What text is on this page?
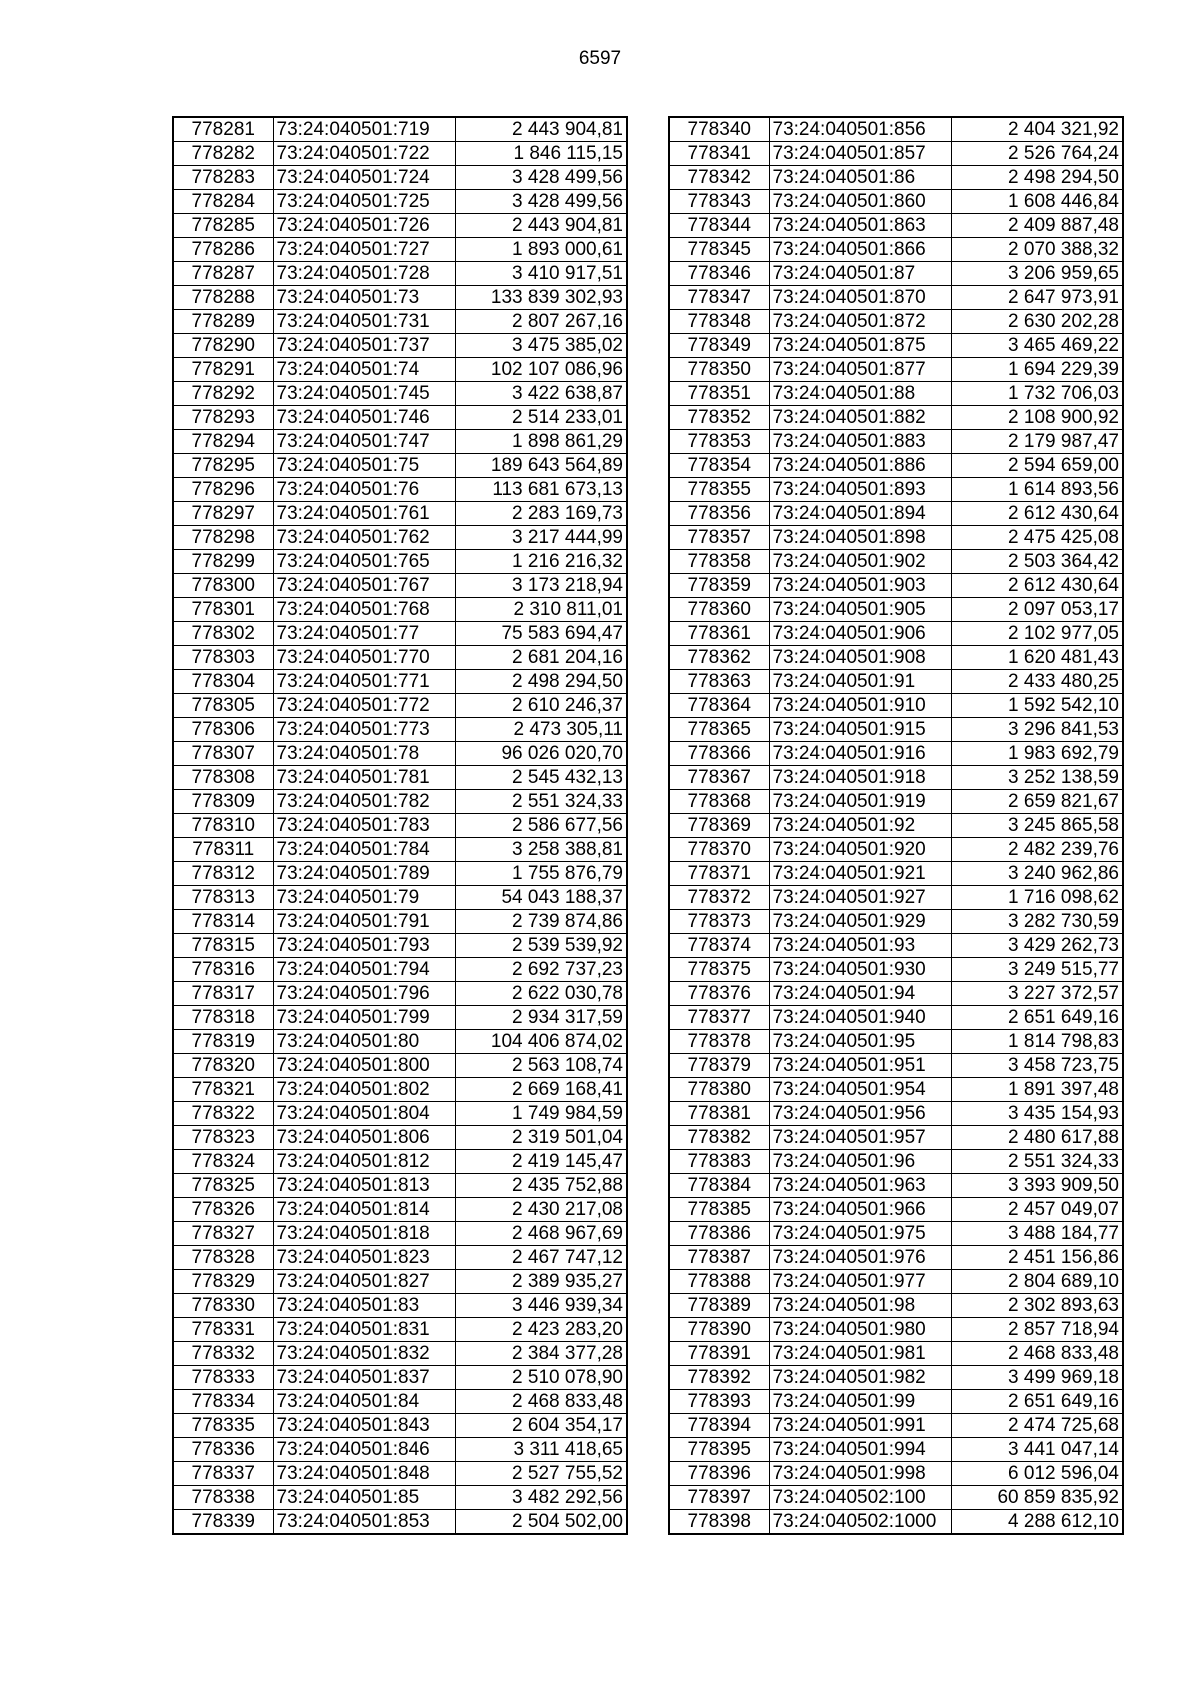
6597
778281	73:24:040501:719	2 443 904,81
778282	73:24:040501:722	1 846 115,15
778283	73:24:040501:724	3 428 499,56
778284	73:24:040501:725	3 428 499,56
778285	73:24:040501:726	2 443 904,81
778286	73:24:040501:727	1 893 000,61
778287	73:24:040501:728	3 410 917,51
778288	73:24:040501:73	133 839 302,93
778289	73:24:040501:731	2 807 267,16
778290	73:24:040501:737	3 475 385,02
778291	73:24:040501:74	102 107 086,96
778292	73:24:040501:745	3 422 638,87
778293	73:24:040501:746	2 514 233,01
778294	73:24:040501:747	1 898 861,29
778295	73:24:040501:75	189 643 564,89
778296	73:24:040501:76	113 681 673,13
778297	73:24:040501:761	2 283 169,73
778298	73:24:040501:762	3 217 444,99
778299	73:24:040501:765	1 216 216,32
778300	73:24:040501:767	3 173 218,94
778301	73:24:040501:768	2 310 811,01
778302	73:24:040501:77	75 583 694,47
778303	73:24:040501:770	2 681 204,16
778304	73:24:040501:771	2 498 294,50
778305	73:24:040501:772	2 610 246,37
778306	73:24:040501:773	2 473 305,11
778307	73:24:040501:78	96 026 020,70
778308	73:24:040501:781	2 545 432,13
778309	73:24:040501:782	2 551 324,33
778310	73:24:040501:783	2 586 677,56
778311	73:24:040501:784	3 258 388,81
778312	73:24:040501:789	1 755 876,79
778313	73:24:040501:79	54 043 188,37
778314	73:24:040501:791	2 739 874,86
778315	73:24:040501:793	2 539 539,92
778316	73:24:040501:794	2 692 737,23
778317	73:24:040501:796	2 622 030,78
778318	73:24:040501:799	2 934 317,59
778319	73:24:040501:80	104 406 874,02
778320	73:24:040501:800	2 563 108,74
778321	73:24:040501:802	2 669 168,41
778322	73:24:040501:804	1 749 984,59
778323	73:24:040501:806	2 319 501,04
778324	73:24:040501:812	2 419 145,47
778325	73:24:040501:813	2 435 752,88
778326	73:24:040501:814	2 430 217,08
778327	73:24:040501:818	2 468 967,69
778328	73:24:040501:823	2 467 747,12
778329	73:24:040501:827	2 389 935,27
778330	73:24:040501:83	3 446 939,34
778331	73:24:040501:831	2 423 283,20
778332	73:24:040501:832	2 384 377,28
778333	73:24:040501:837	2 510 078,90
778334	73:24:040501:84	2 468 833,48
778335	73:24:040501:843	2 604 354,17
778336	73:24:040501:846	3 311 418,65
778337	73:24:040501:848	2 527 755,52
778338	73:24:040501:85	3 482 292,56
778339	73:24:040501:853	2 504 502,00
778340	73:24:040501:856	2 404 321,92
778341	73:24:040501:857	2 526 764,24
778342	73:24:040501:86	2 498 294,50
778343	73:24:040501:860	1 608 446,84
778344	73:24:040501:863	2 409 887,48
778345	73:24:040501:866	2 070 388,32
778346	73:24:040501:87	3 206 959,65
778347	73:24:040501:870	2 647 973,91
778348	73:24:040501:872	2 630 202,28
778349	73:24:040501:875	3 465 469,22
778350	73:24:040501:877	1 694 229,39
778351	73:24:040501:88	1 732 706,03
778352	73:24:040501:882	2 108 900,92
778353	73:24:040501:883	2 179 987,47
778354	73:24:040501:886	2 594 659,00
778355	73:24:040501:893	1 614 893,56
778356	73:24:040501:894	2 612 430,64
778357	73:24:040501:898	2 475 425,08
778358	73:24:040501:902	2 503 364,42
778359	73:24:040501:903	2 612 430,64
778360	73:24:040501:905	2 097 053,17
778361	73:24:040501:906	2 102 977,05
778362	73:24:040501:908	1 620 481,43
778363	73:24:040501:91	2 433 480,25
778364	73:24:040501:910	1 592 542,10
778365	73:24:040501:915	3 296 841,53
778366	73:24:040501:916	1 983 692,79
778367	73:24:040501:918	3 252 138,59
778368	73:24:040501:919	2 659 821,67
778369	73:24:040501:92	3 245 865,58
778370	73:24:040501:920	2 482 239,76
778371	73:24:040501:921	3 240 962,86
778372	73:24:040501:927	1 716 098,62
778373	73:24:040501:929	3 282 730,59
778374	73:24:040501:93	3 429 262,73
778375	73:24:040501:930	3 249 515,77
778376	73:24:040501:94	3 227 372,57
778377	73:24:040501:940	2 651 649,16
778378	73:24:040501:95	1 814 798,83
778379	73:24:040501:951	3 458 723,75
778380	73:24:040501:954	1 891 397,48
778381	73:24:040501:956	3 435 154,93
778382	73:24:040501:957	2 480 617,88
778383	73:24:040501:96	2 551 324,33
778384	73:24:040501:963	3 393 909,50
778385	73:24:040501:966	2 457 049,07
778386	73:24:040501:975	3 488 184,77
778387	73:24:040501:976	2 451 156,86
778388	73:24:040501:977	2 804 689,10
778389	73:24:040501:98	2 302 893,63
778390	73:24:040501:980	2 857 718,94
778391	73:24:040501:981	2 468 833,48
778392	73:24:040501:982	3 499 969,18
778393	73:24:040501:99	2 651 649,16
778394	73:24:040501:991	2 474 725,68
778395	73:24:040501:994	3 441 047,14
778396	73:24:040501:998	6 012 596,04
778397	73:24:040502:100	60 859 835,92
778398	73:24:040502:1000	4 288 612,10
